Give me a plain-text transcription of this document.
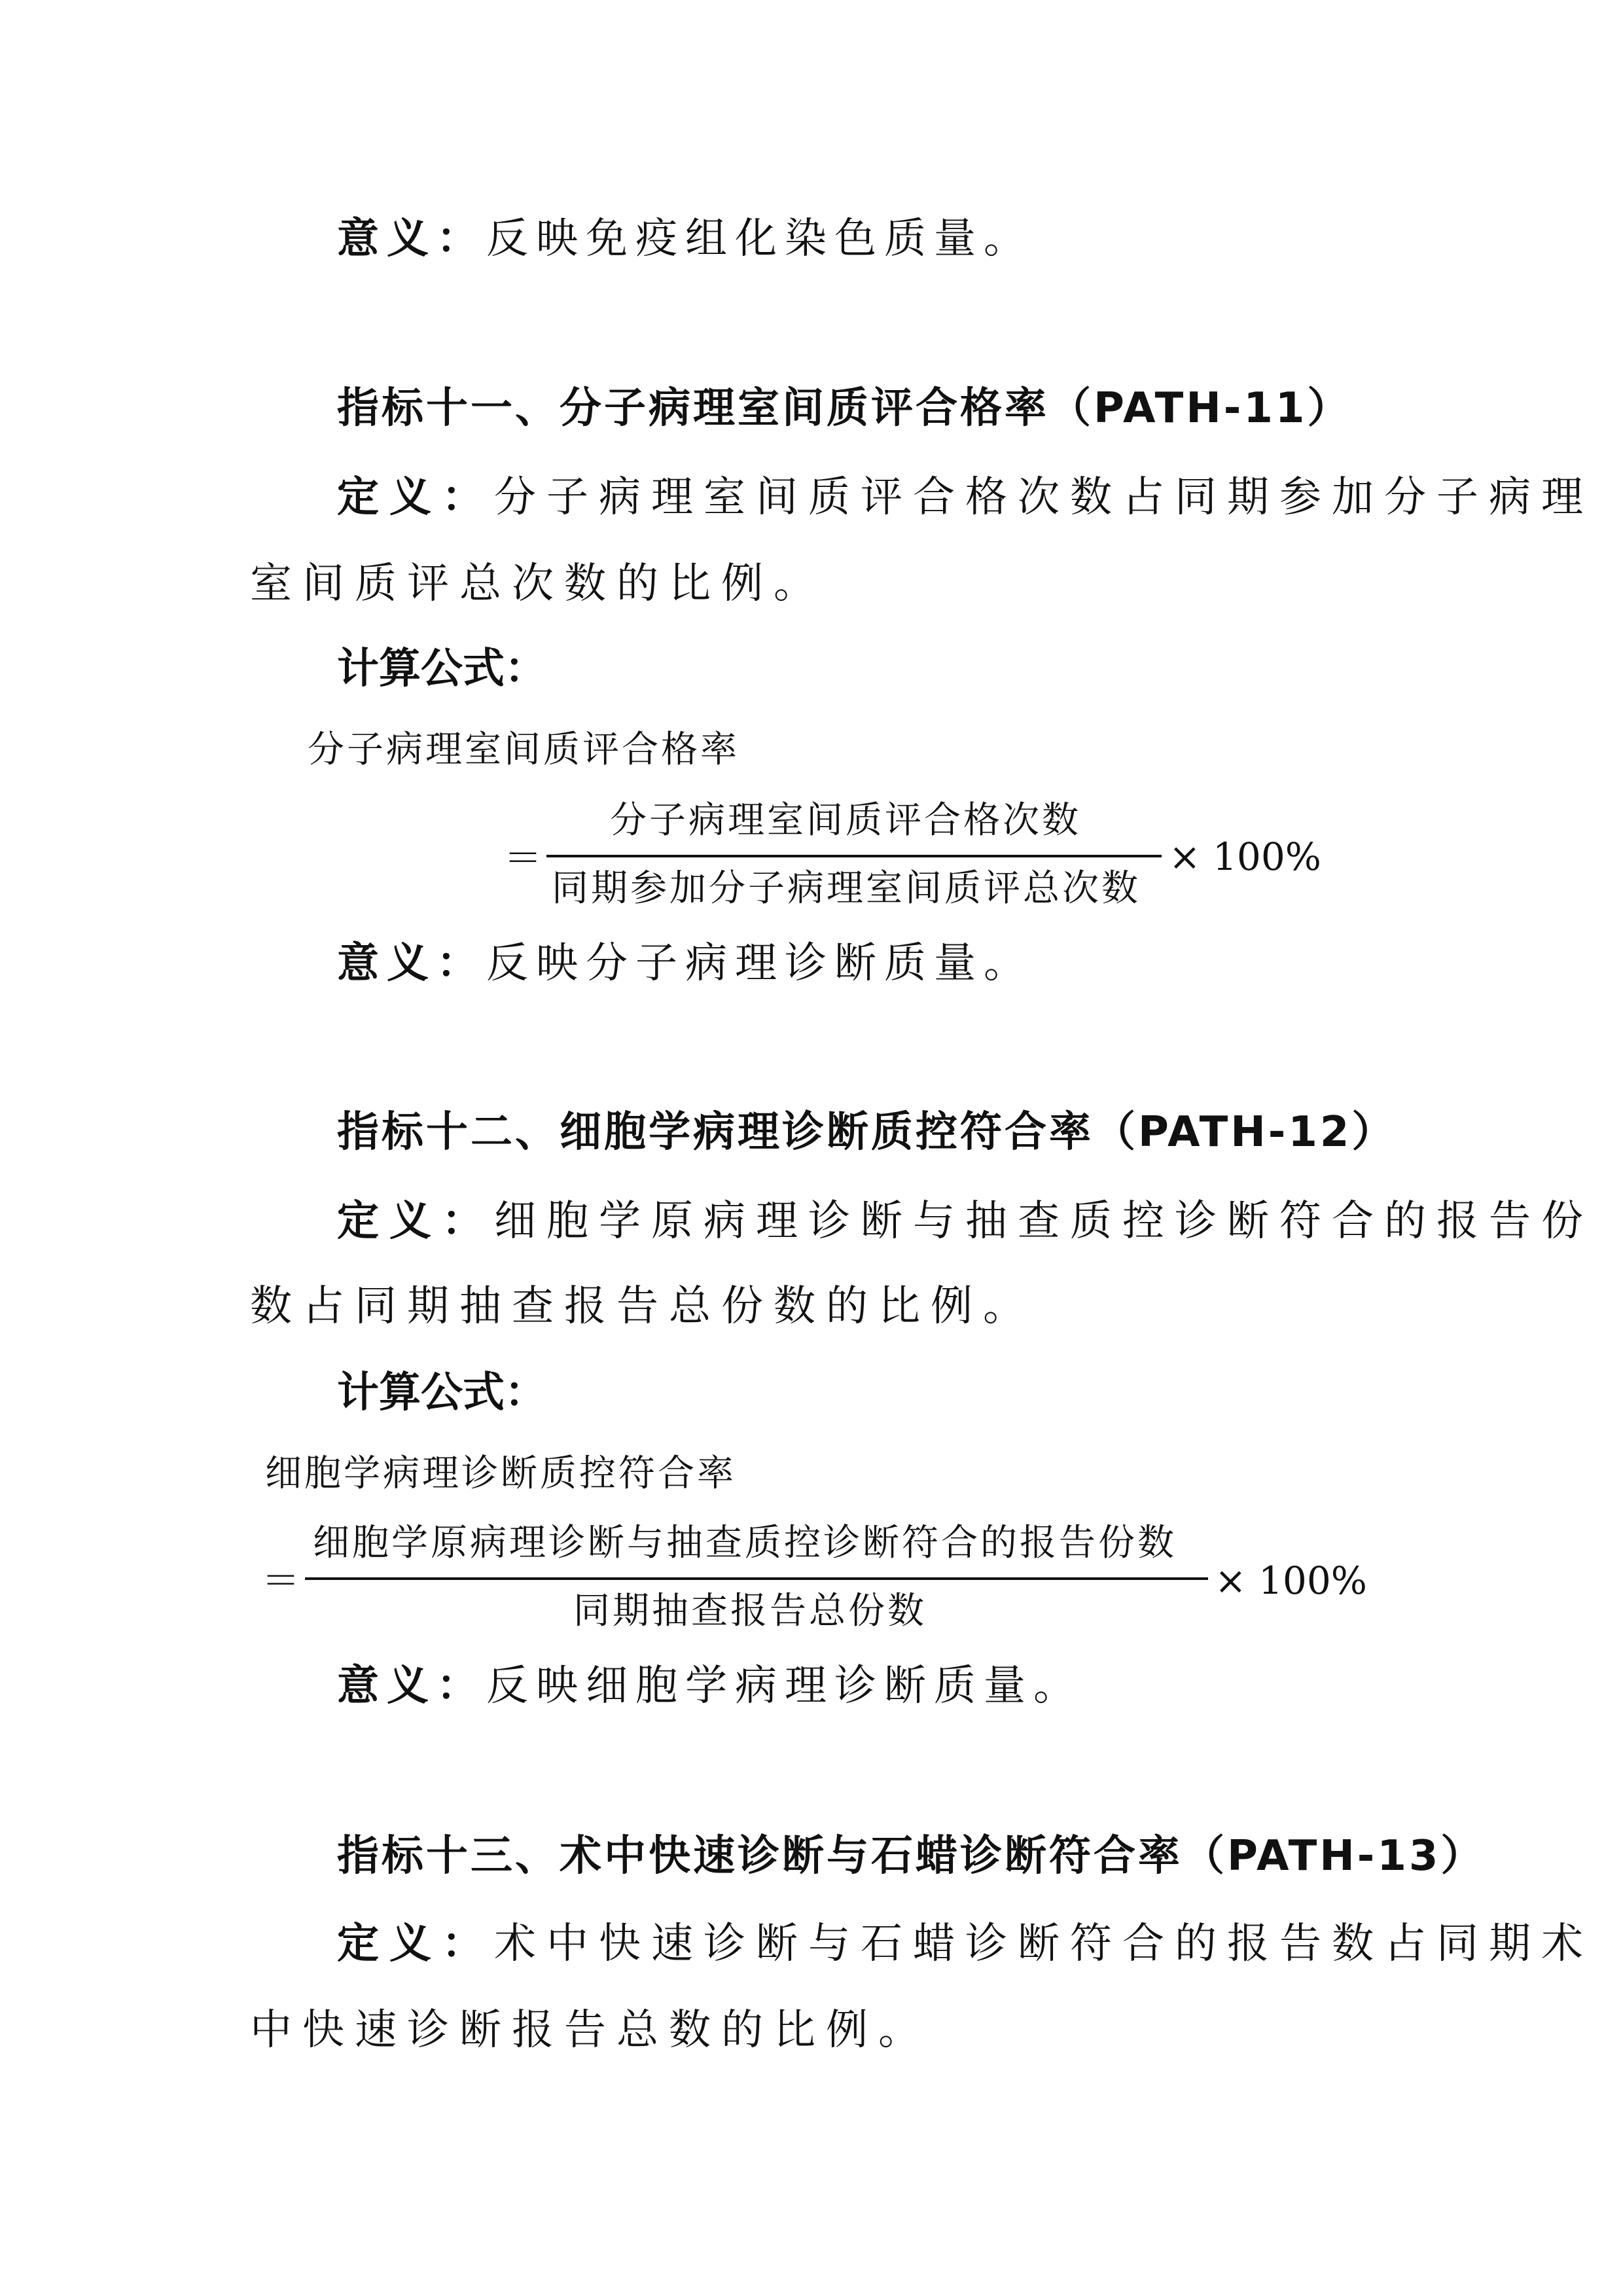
意义：反映免疫组化染色质量。
指标十一、分子病理室间质评合格率（PATH-11）
定义：分子病理室间质评合格次数占同期参加分子病理
室间质评总次数的比例。
计算公式：
分子病理室间质评合格率
＝
分子病理室间质评合格次数
同期参加分子病理室间质评总次数
× 100%
意义：反映分子病理诊断质量。
指标十二、细胞学病理诊断质控符合率（PATH-12）
定义：细胞学原病理诊断与抽查质控诊断符合的报告份
数占同期抽查报告总份数的比例。
计算公式：
细胞学病理诊断质控符合率
＝
细胞学原病理诊断与抽查质控诊断符合的报告份数
同期抽查报告总份数
× 100%
意义：反映细胞学病理诊断质量。
指标十三、术中快速诊断与石蜡诊断符合率（PATH-13）
定义：术中快速诊断与石蜡诊断符合的报告数占同期术
中快速诊断报告总数的比例。
